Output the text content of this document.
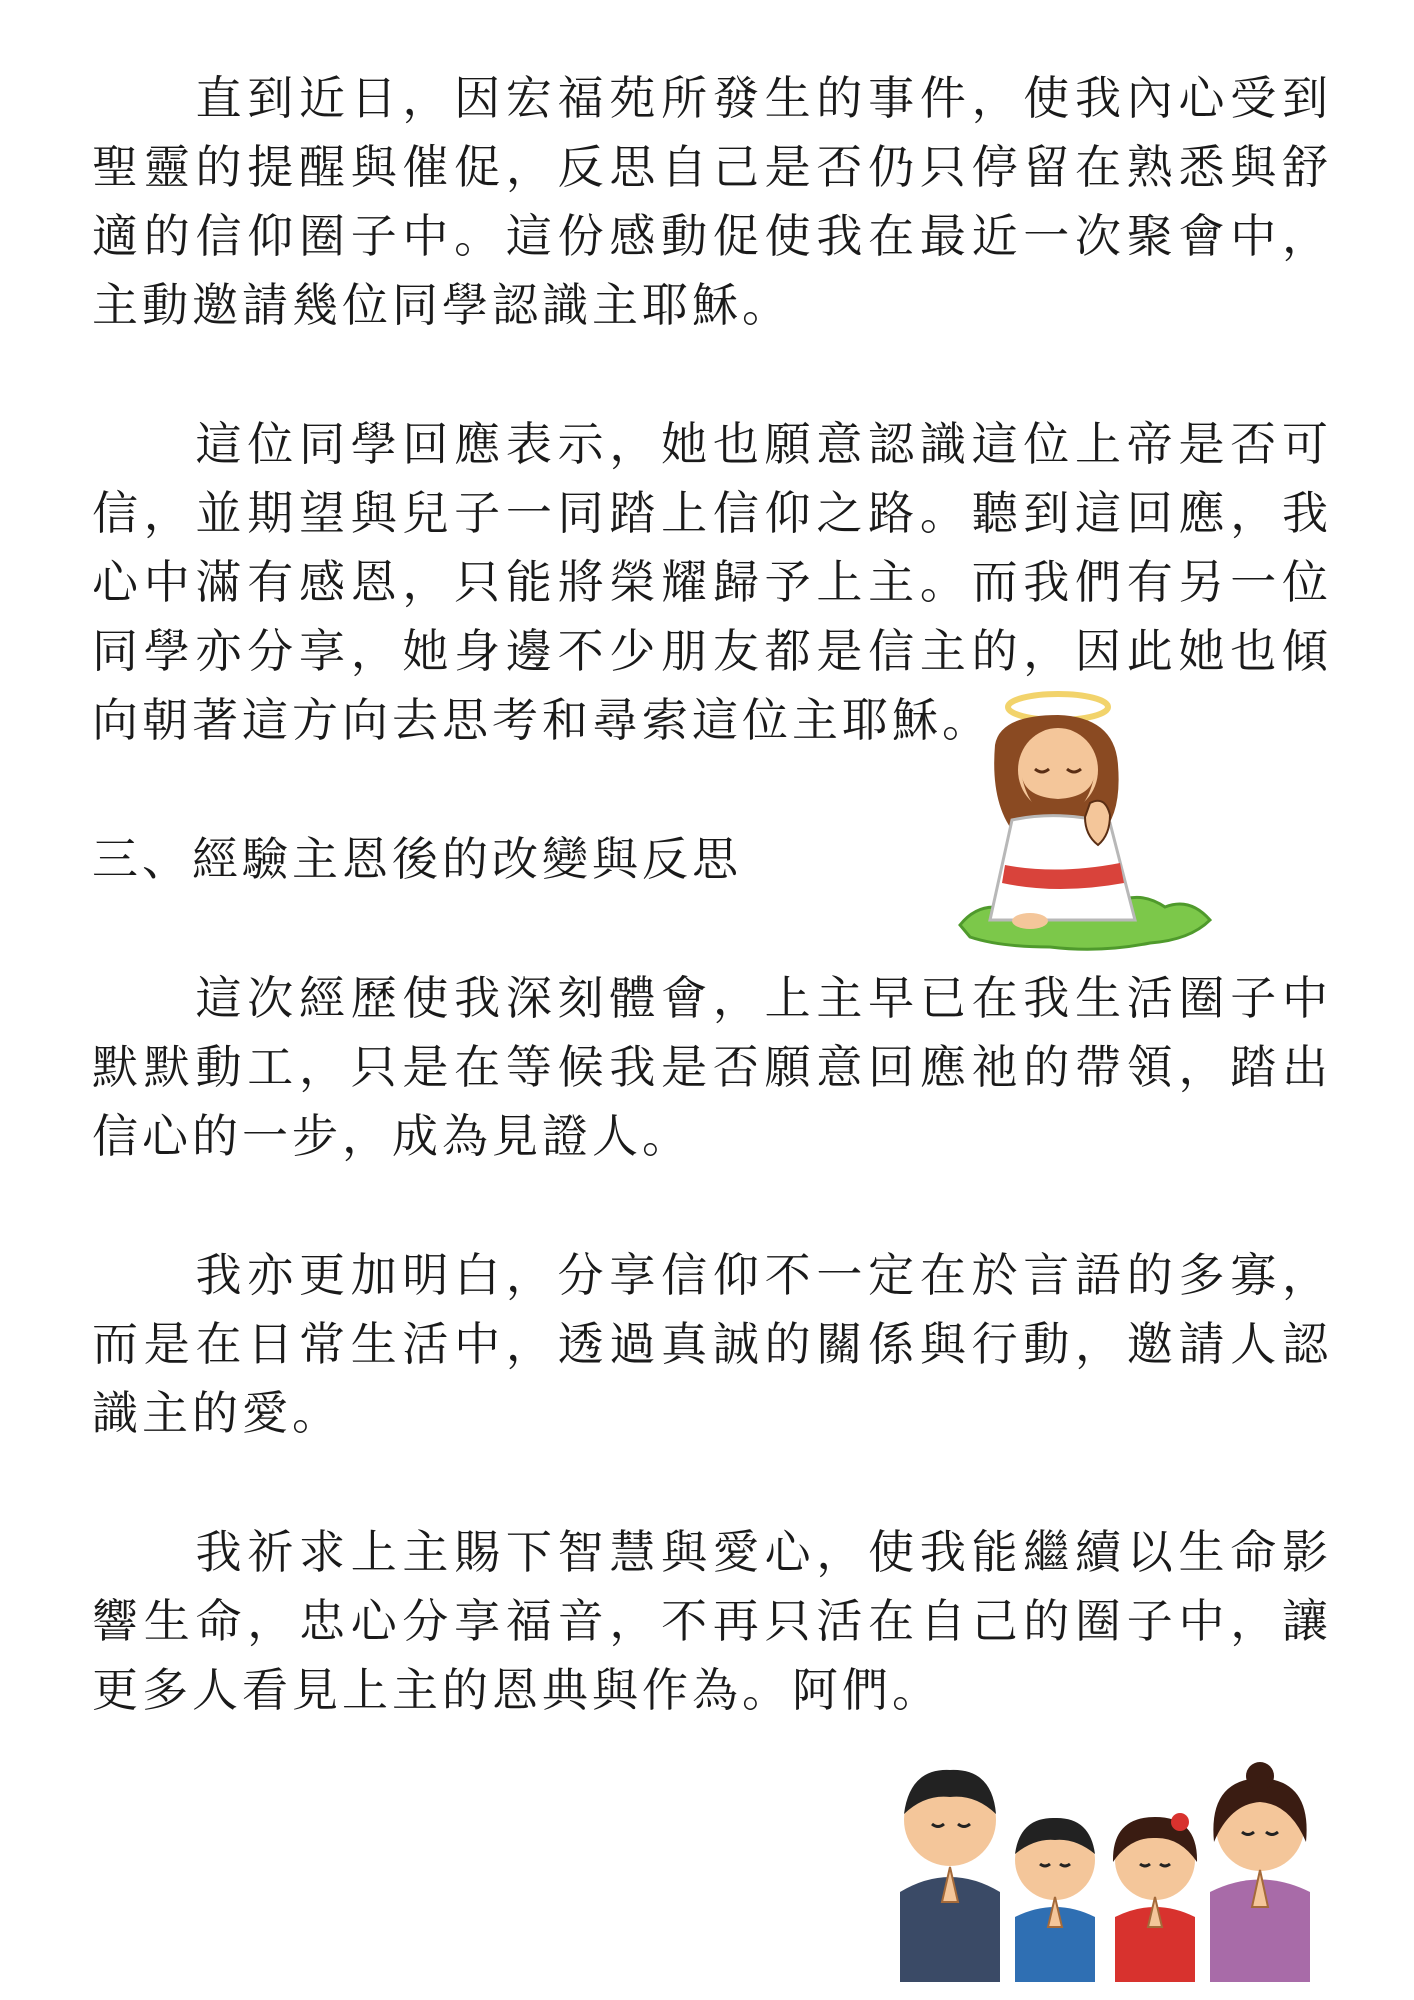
　　直到近日，因宏福苑所發生的事件，使我內心受到聖靈的提醒與催促，反思自己是否仍只停留在熟悉與舒適的信仰圈子中。這份感動促使我在最近一次聚會中，主動邀請幾位同學認識主耶穌。

　　這位同學回應表示，她也願意認識這位上帝是否可信，並期望與兒子一同踏上信仰之路。聽到這回應，我心中滿有感恩，只能將榮耀歸予上主。而我們有另一位同學亦分享，她身邊不少朋友都是信主的，因此她也傾向朝著這方向去思考和尋索這位主耶穌。

三、經驗主恩後的改變與反思

　　這次經歷使我深刻體會，上主早已在我生活圈子中默默動工，只是在等候我是否願意回應祂的帶領，踏出信心的一步，成為見證人。

　　我亦更加明白，分享信仰不一定在於言語的多寡，而是在日常生活中，透過真誠的關係與行動，邀請人認識主的愛。

　　我祈求上主賜下智慧與愛心，使我能繼續以生命影響生命，忠心分享福音，不再只活在自己的圈子中，讓更多人看見上主的恩典與作為。阿們。
